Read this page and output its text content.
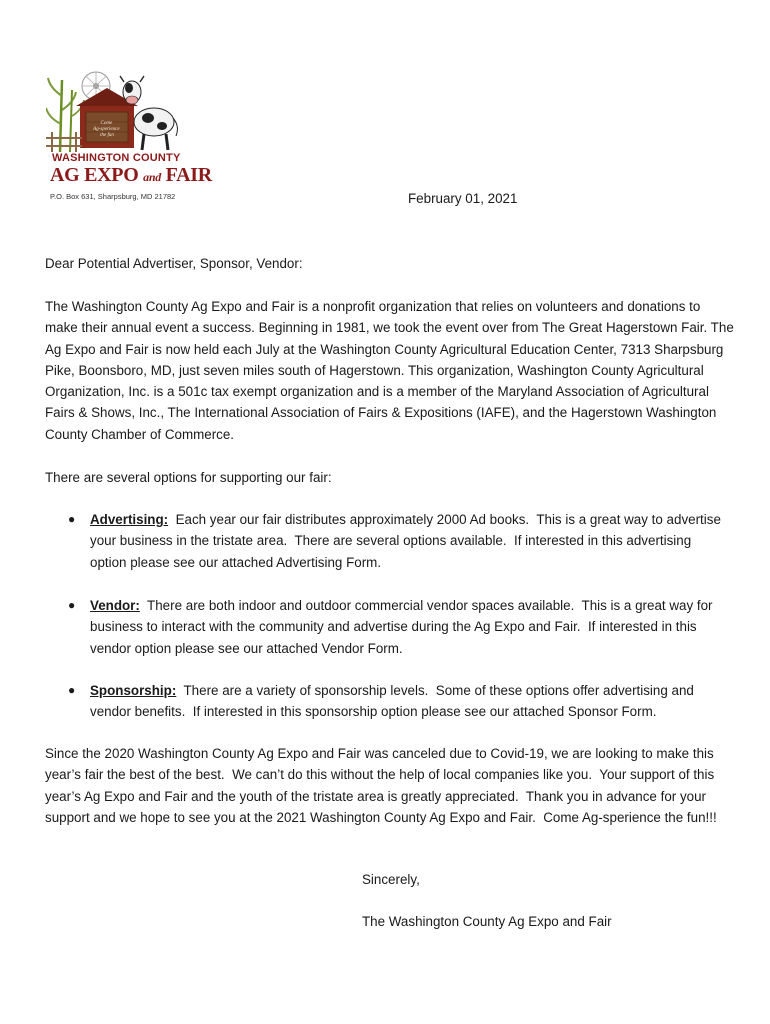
Come Ag-sperience the fun
WASHINGTON COUNTY
AG EXPO and FAIR
P.O. Box 631, Sharpsburg, MD 21782	February 01, 2021
Dear Potential Advertiser, Sponsor, Vendor:
The Washington County Ag Expo and Fair is a nonprofit organization that relies on volunteers and donations to make their annual event a success. Beginning in 1981, we took the event over from The Great Hagerstown Fair. The Ag Expo and Fair is now held each July at the Washington County Agricultural Education Center, 7313 Sharpsburg Pike, Boonsboro, MD, just seven miles south of Hagerstown. This organization, Washington County Agricultural Organization, Inc. is a 501c tax exempt organization and is a member of the Maryland Association of Agricultural Fairs & Shows, Inc., The International Association of Fairs & Expositions (IAFE), and the Hagerstown Washington County Chamber of Commerce.
There are several options for supporting our fair:
● Advertising:  Each year our fair distributes approximately 2000 Ad books.  This is a great way to advertise your business in the tristate area.  There are several options available.  If interested in this advertising option please see our attached Advertising Form.
● Vendor:  There are both indoor and outdoor commercial vendor spaces available.  This is a great way for business to interact with the community and advertise during the Ag Expo and Fair.  If interested in this vendor option please see our attached Vendor Form.
● Sponsorship:  There are a variety of sponsorship levels.  Some of these options offer advertising and vendor benefits.  If interested in this sponsorship option please see our attached Sponsor Form.
Since the 2020 Washington County Ag Expo and Fair was canceled due to Covid-19, we are looking to make this year’s fair the best of the best.  We can’t do this without the help of local companies like you.  Your support of this year’s Ag Expo and Fair and the youth of the tristate area is greatly appreciated.  Thank you in advance for your support and we hope to see you at the 2021 Washington County Ag Expo and Fair.  Come Ag-sperience the fun!!!
Sincerely,
The Washington County Ag Expo and Fair
